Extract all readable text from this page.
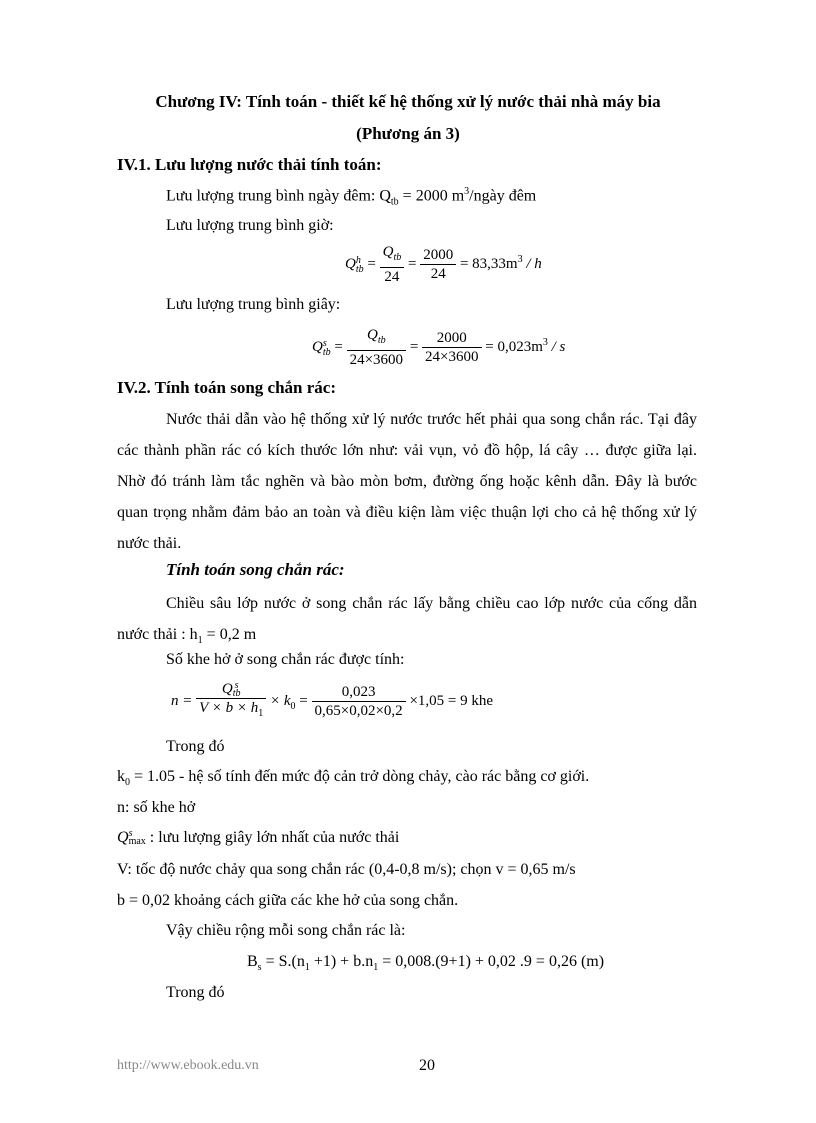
Chương IV: Tính toán - thiết kế hệ thống xử lý nước thải nhà máy bia
(Phương án 3)
IV.1. Lưu lượng nước thải tính toán:
Lưu lượng trung bình ngày đêm: $Q_{tb} = 2000$ $m^3$/ngày đêm
Lưu lượng trung bình giờ:
Qh
tb = $\frac{Q_{tb}}{24} = \frac{2000}{24} = 83,33m^3 / h$
Lưu lượng trung bình giây:
Qs
tb = $\frac{Q_{tb}}{24\times 3600} = \frac{2000}{24\times 3600} = 0,023m^3 / s$
IV.2. Tính toán song chắn rác:
Nước thải dẫn vào hệ thống xử lý nước trước hết phải qua song chắn rác. Tại đây các thành phần rác có kích thước lớn như: vải vụn, vỏ đồ hộp, lá cây … được giữa lại. Nhờ đó tránh làm tắc nghẽn và bào mòn bơm, đường ống hoặc kênh dẫn. Đây là bước quan trọng nhằm đảm bảo an toàn và điều kiện làm việc thuận lợi cho cả hệ thống xử lý nước thải.
Tính toán song chắn rác:
Chiều sâu lớp nước ở song chắn rác lấy bằng chiều cao lớp nước của cống dẫn nước thải : $h_1 = 0,2$ m
Số khe hở ở song chắn rác được tính:
n =
Q s
tb
$V \times b \times h_1$
× $k_0 = \frac{0,023}{0,65\times 0,02\times 0,2} \times 1,05 = 9$ khe
Trong đó
$k_0 = 1.05$ - hệ số tính đến mức độ cản trở dòng chảy, cào rác bằng cơ giới.
n: số khe hở
Qs
max : lưu lượng giây lớn nhất của nước thải
V: tốc độ nước chảy qua song chắn rác (0,4-0,8 m/s); chọn v = 0,65 m/s
b = 0,02 khoảng cách giữa các khe hở của song chắn.
Vậy chiều rộng mỗi song chắn rác là:
$B_s = S.(n_1 +1) + b.n_1 = 0,008.(9+1) + 0,02$ .9 = 0,26 (m)
Trong đó
http://www.ebook.edu.vn	20
